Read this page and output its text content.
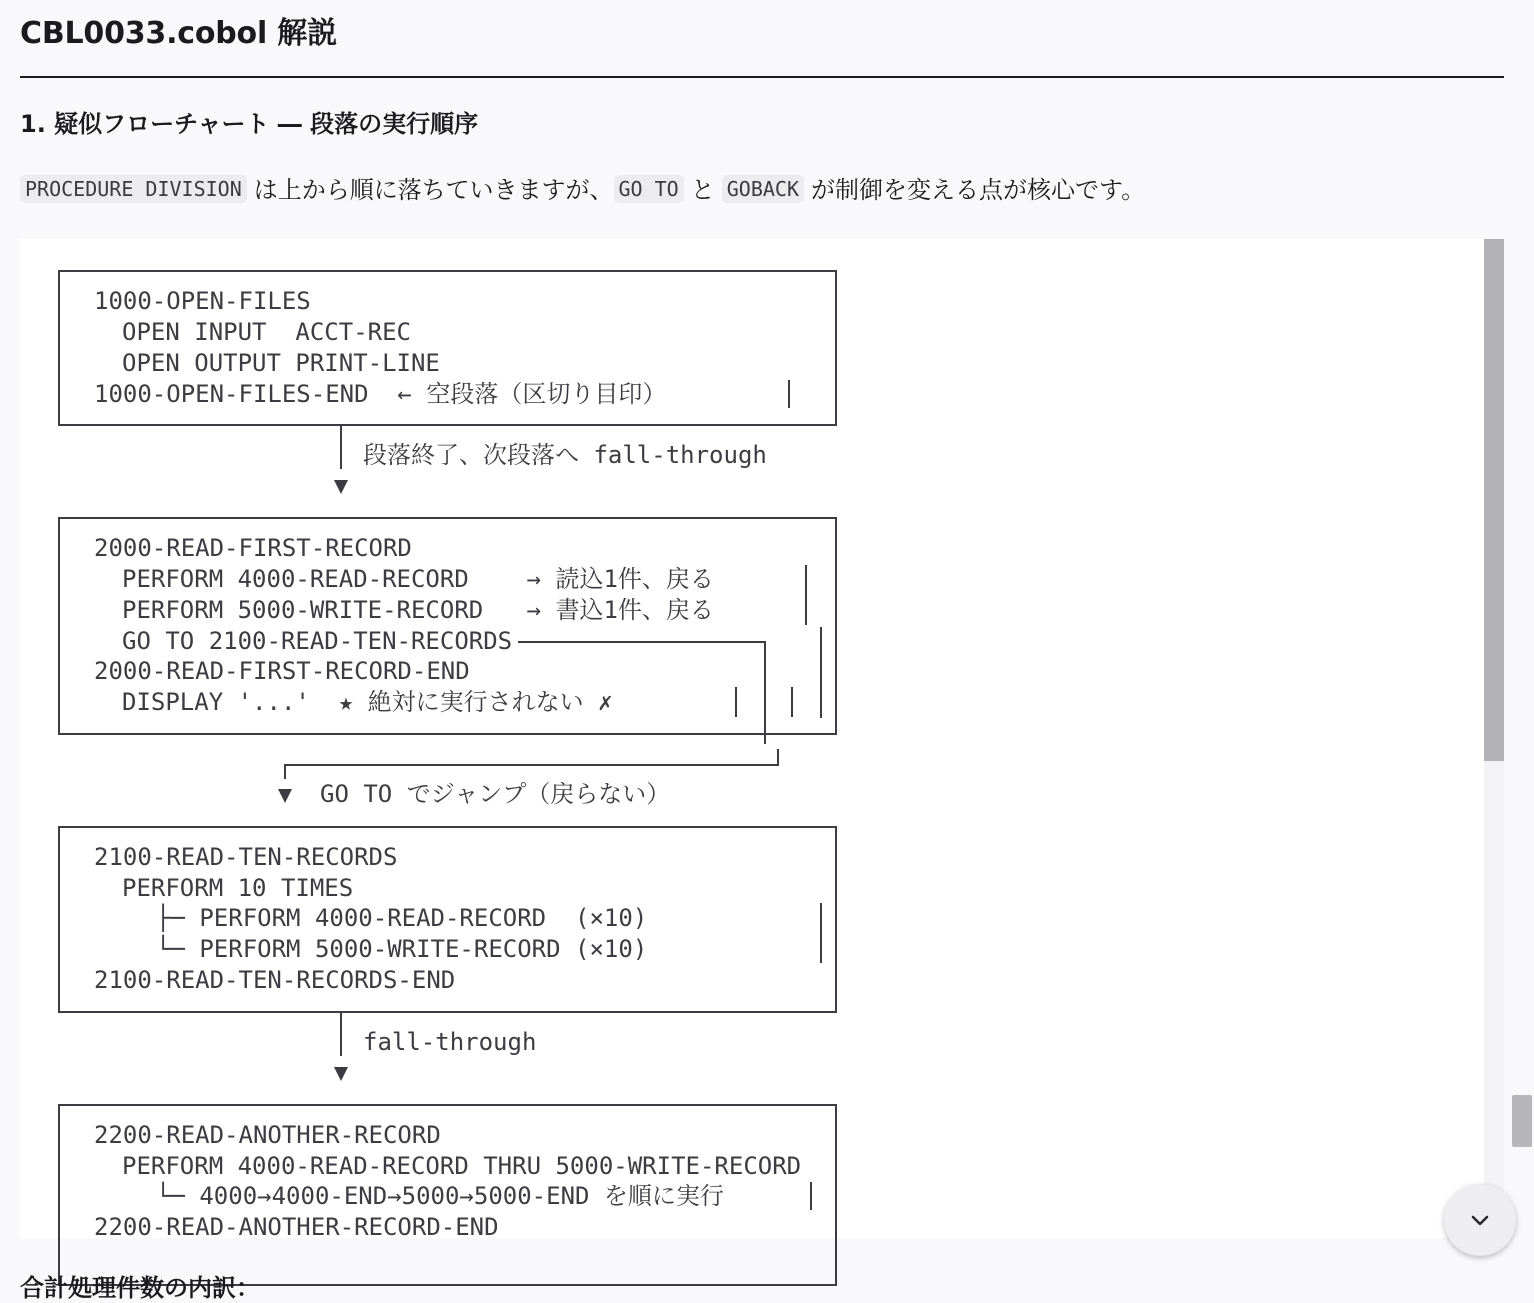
CBL0033.cobol 解説
1. 疑似フローチャート ― 段落の実行順序

PROCEDURE DIVISION は上から順に落ちていきますが、 GO TO と GOBACK が制御を変える点が核心です。

1000-OPEN-FILES
OPEN INPUT  ACCT-REC
OPEN OUTPUT PRINT-LINE
1000-OPEN-FILES-END  ← 空段落（区切り目印）
段落終了、次段落へ fall-through
2000-READ-FIRST-RECORD
PERFORM 4000-READ-RECORD    → 読込1件、戻る
PERFORM 5000-WRITE-RECORD   → 書込1件、戻る
GO TO 2100-READ-TEN-RECORDS
2000-READ-FIRST-RECORD-END
DISPLAY '...'  ★ 絶対に実行されない ✗
GO TO でジャンプ（戻らない）
2100-READ-TEN-RECORDS
PERFORM 10 TIMES
├─ PERFORM 4000-READ-RECORD  (×10)
└─ PERFORM 5000-WRITE-RECORD (×10)
2100-READ-TEN-RECORDS-END
fall-through
2200-READ-ANOTHER-RECORD
PERFORM 4000-READ-RECORD THRU 5000-WRITE-RECORD
└─ 4000→4000-END→5000→5000-END を順に実行
2200-READ-ANOTHER-RECORD-END
合計処理件数の内訳：
